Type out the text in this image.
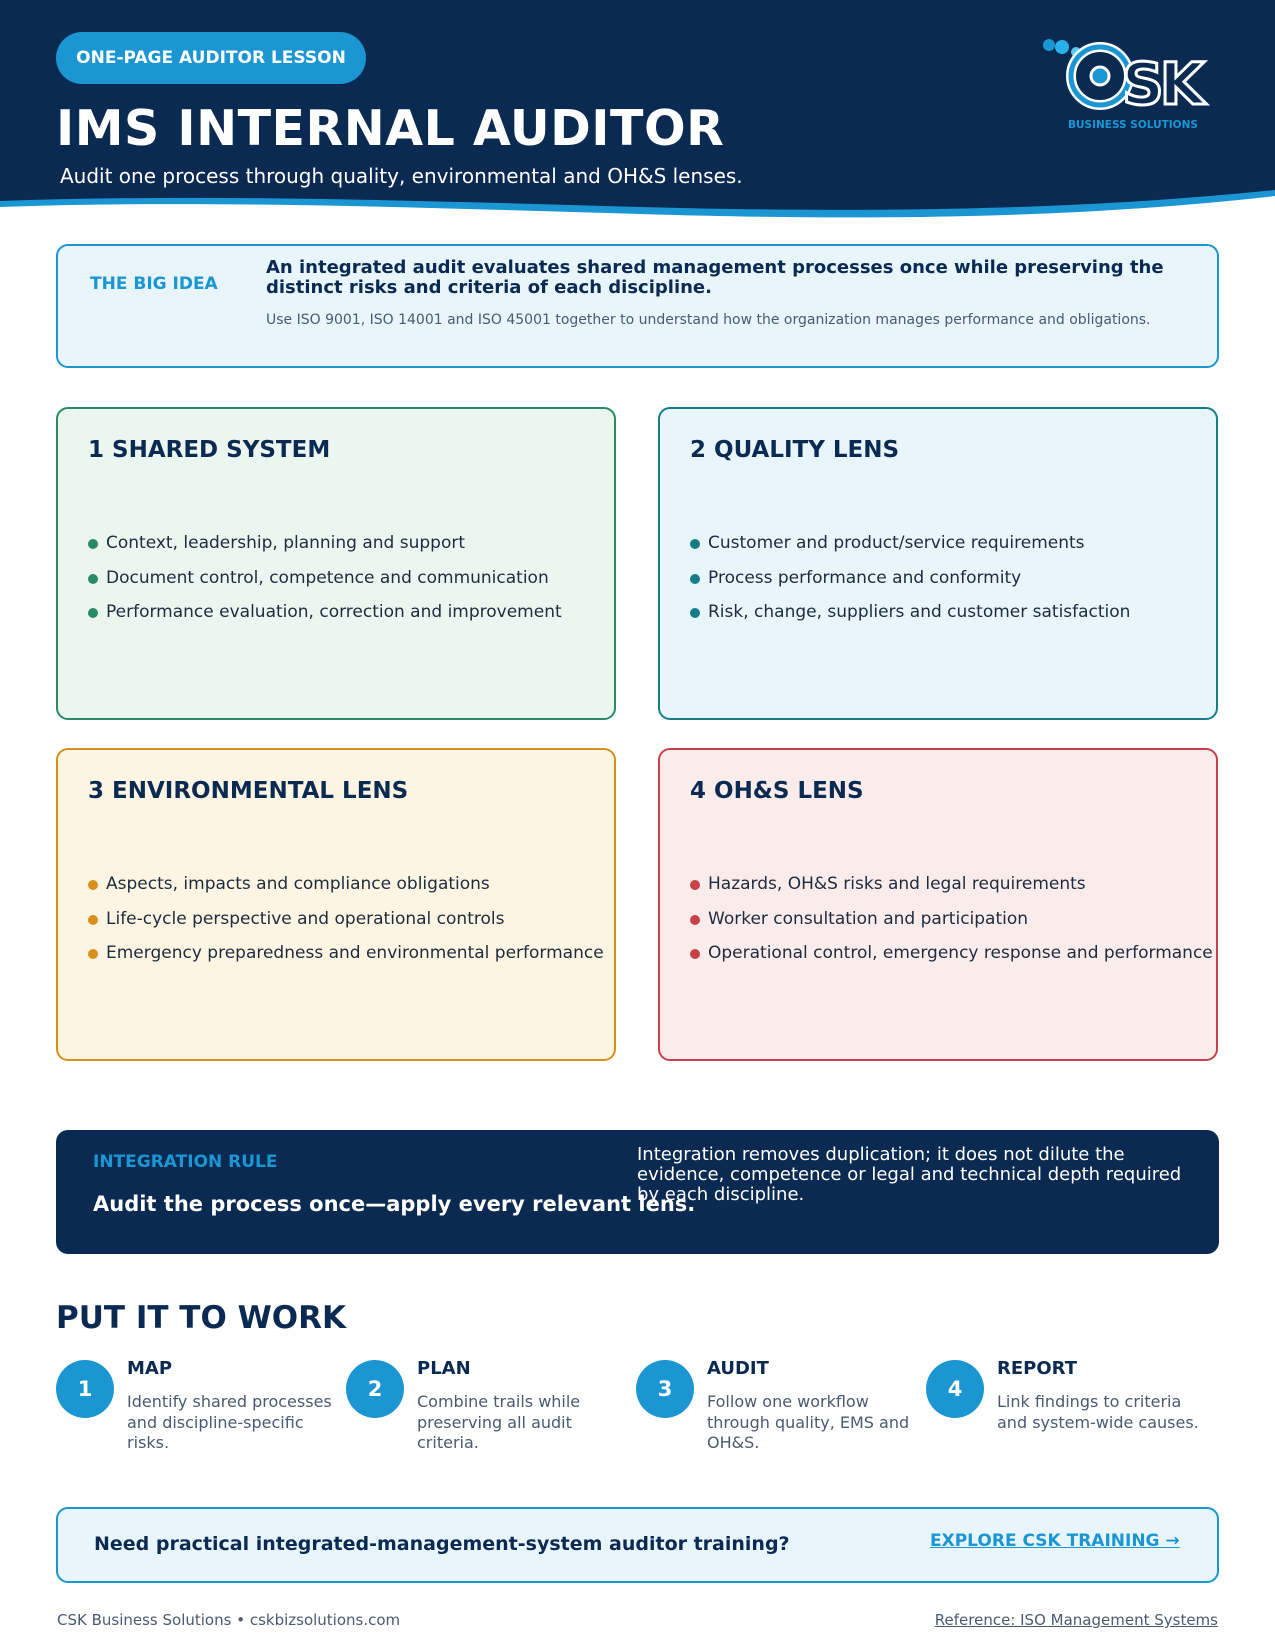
ONE-PAGE AUDITOR LESSON
IMS INTERNAL AUDITOR
Audit one process through quality, environmental and OH&S lenses.
SK
BUSINESS SOLUTIONS
THE BIG IDEA
An integrated audit evaluates shared management processes once while preserving the distinct risks and criteria of each discipline.
Use ISO 9001, ISO 14001 and ISO 45001 together to understand how the organization manages performance and obligations.
1 SHARED SYSTEM
Context, leadership, planning and support
Document control, competence and communication
Performance evaluation, correction and improvement
2 QUALITY LENS
Customer and product/service requirements
Process performance and conformity
Risk, change, suppliers and customer satisfaction
3 ENVIRONMENTAL LENS
Aspects, impacts and compliance obligations
Life-cycle perspective and operational controls
Emergency preparedness and environmental performance
4 OH&S LENS
Hazards, OH&S risks and legal requirements
Worker consultation and participation
Operational control, emergency response and performance
INTEGRATION RULE
Audit the process once—apply every relevant lens.
Integration removes duplication; it does not dilute the evidence, competence or legal and technical depth required by each discipline.
PUT IT TO WORK
1
MAP
Identify shared processes and discipline-specific risks.
2
PLAN
Combine trails while preserving all audit criteria.
3
AUDIT
Follow one workflow through quality, EMS and OH&S.
4
REPORT
Link findings to criteria and system-wide causes.
Need practical integrated-management-system auditor training?	EXPLORE CSK TRAINING →
CSK Business Solutions • cskbizsolutions.com	Reference: ISO Management Systems
